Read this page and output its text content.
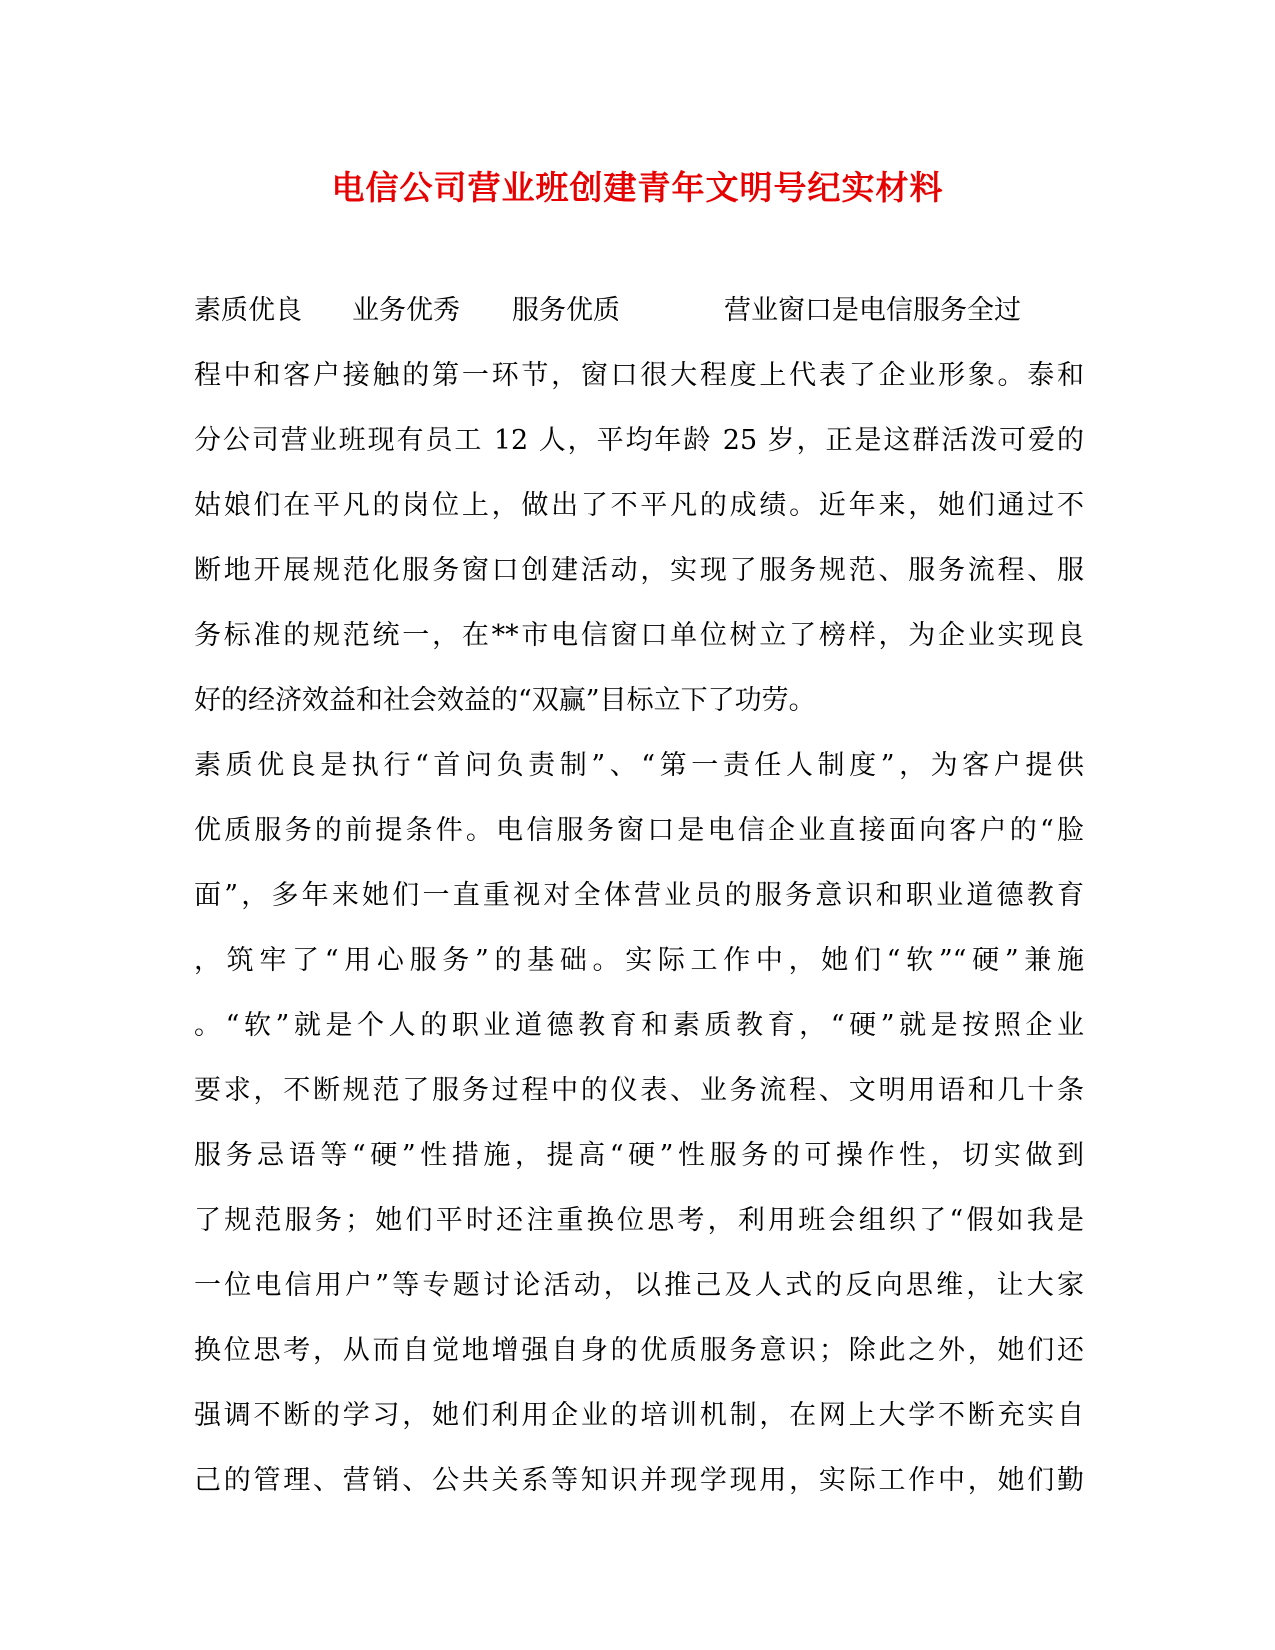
电信公司营业班创建青年文明号纪实材料
素质优良 业务优秀 服务优质	营业窗口是电信服务全过
程中和客户接触的第一环节，窗口很大程度上代表了企业形象。泰和
分公司营业班现有员工 12 人，平均年龄 25 岁，正是这群活泼可爱的
姑娘们在平凡的岗位上，做出了不平凡的成绩。近年来，她们通过不
断地开展规范化服务窗口创建活动，实现了服务规范、服务流程、服
务标准的规范统一，在**市电信窗口单位树立了榜样，为企业实现良
好的经济效益和社会效益的“双赢”目标立下了功劳。
素质优良是执行“首问负责制”、“第一责任人制度”，为客户提供
优质服务的前提条件。电信服务窗口是电信企业直接面向客户的“脸
面”，多年来她们一直重视对全体营业员的服务意识和职业道德教育
，筑牢了“用心服务”的基础。实际工作中，她们“软”“硬”兼施
。“软”就是个人的职业道德教育和素质教育，“硬”就是按照企业
要求，不断规范了服务过程中的仪表、业务流程、文明用语和几十条
服务忌语等“硬”性措施，提高“硬”性服务的可操作性，切实做到
了规范服务；她们平时还注重换位思考，利用班会组织了“假如我是
一位电信用户”等专题讨论活动，以推己及人式的反向思维，让大家
换位思考，从而自觉地增强自身的优质服务意识；除此之外，她们还
强调不断的学习，她们利用企业的培训机制，在网上大学不断充实自
己的管理、营销、公共关系等知识并现学现用，实际工作中，她们勤
